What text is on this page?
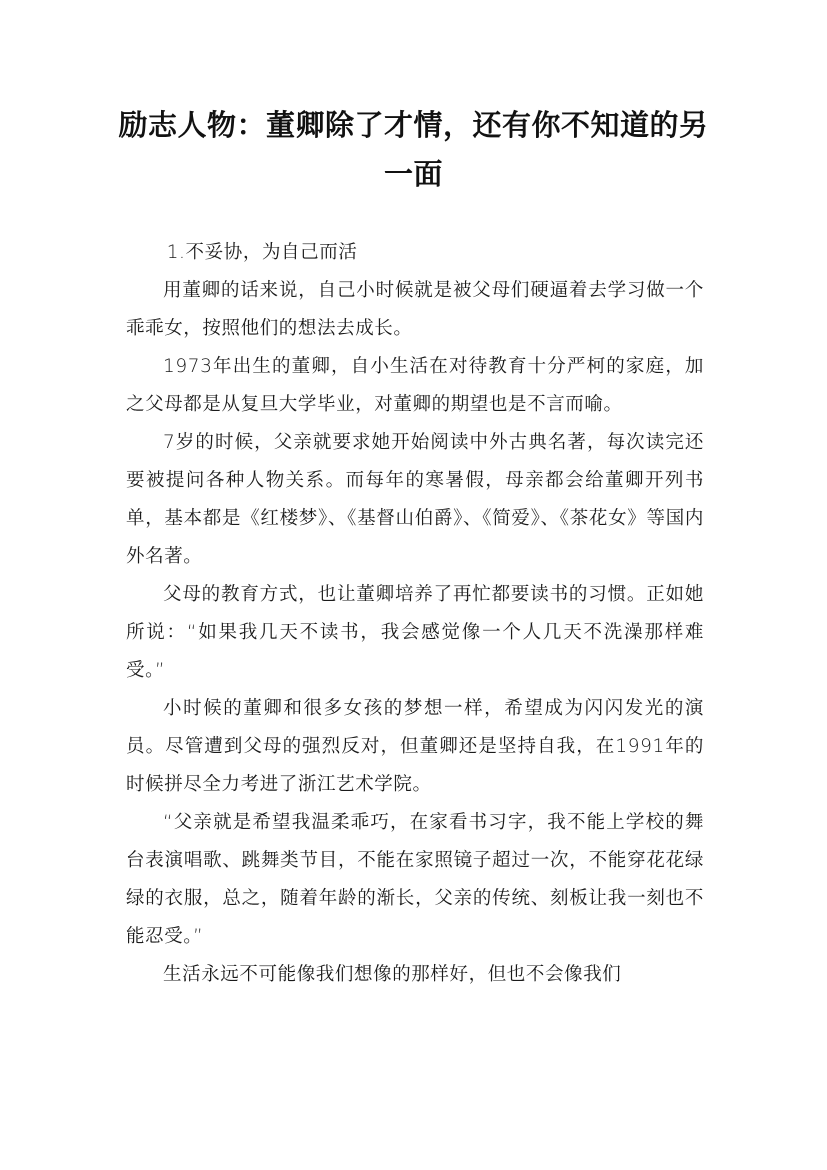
励志人物：董卿除了才情，还有你不知道的另一面

1.不妥协，为自己而活

用董卿的话来说，自己小时候就是被父母们硬逼着去学习做一个乖乖女，按照他们的想法去成长。

1973年出生的董卿，自小生活在对待教育十分严柯的家庭，加之父母都是从复旦大学毕业，对董卿的期望也是不言而喻。

7岁的时候，父亲就要求她开始阅读中外古典名著，每次读完还要被提问各种人物关系。而每年的寒暑假，母亲都会给董卿开列书单，基本都是《红楼梦》、《基督山伯爵》、《简爱》、《茶花女》等国内外名著。

父母的教育方式，也让董卿培养了再忙都要读书的习惯。正如她所说：“如果我几天不读书，我会感觉像一个人几天不洗澡那样难受。”

小时候的董卿和很多女孩的梦想一样，希望成为闪闪发光的演员。尽管遭到父母的强烈反对，但董卿还是坚持自我，在1991年的时候拼尽全力考进了浙江艺术学院。

“父亲就是希望我温柔乖巧，在家看书习字，我不能上学校的舞台表演唱歌、跳舞类节目，不能在家照镜子超过一次，不能穿花花绿绿的衣服，总之，随着年龄的渐长，父亲的传统、刻板让我一刻也不能忍受。”

生活永远不可能像我们想像的那样好，但也不会像我们
